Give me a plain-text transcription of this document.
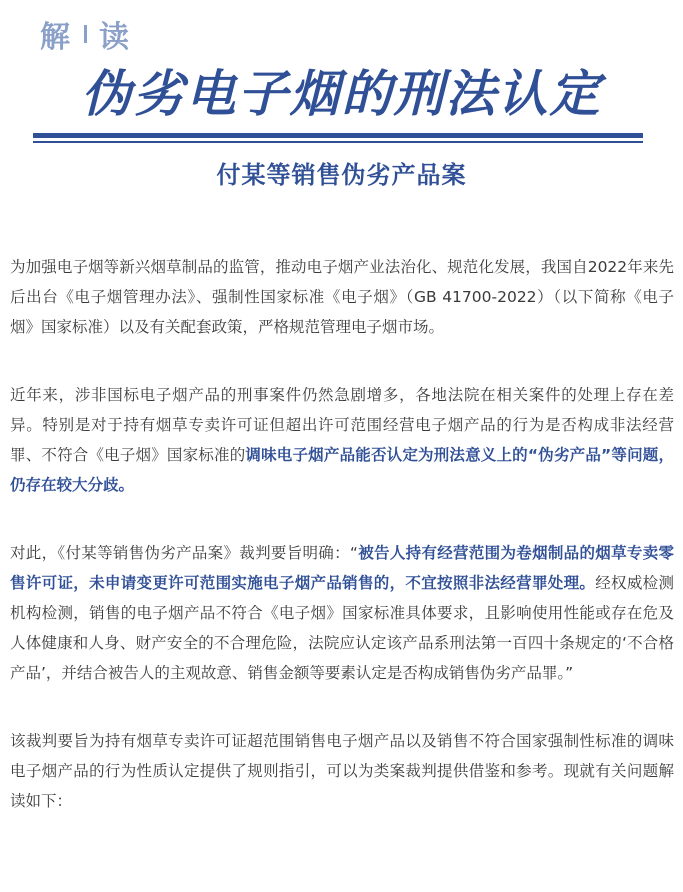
解 读
伪劣电子烟的刑法认定
付某等销售伪劣产品案

为加强电子烟等新兴烟草制品的监管，推动电子烟产业法治化、规范化发展，我国自2022年来先后出台《电子烟管理办法》、强制性国家标准《电子烟》（GB 41700-2022）（以下简称《电子烟》国家标准）以及有关配套政策，严格规范管理电子烟市场。

近年来，涉非国标电子烟产品的刑事案件仍然急剧增多，各地法院在相关案件的处理上存在差异。特别是对于持有烟草专卖许可证但超出许可范围经营电子烟产品的行为是否构成非法经营罪、不符合《电子烟》国家标准的调味电子烟产品能否认定为刑法意义上的“伪劣产品”等问题，仍存在较大分歧。

对此，《付某等销售伪劣产品案》裁判要旨明确：“被告人持有经营范围为卷烟制品的烟草专卖零售许可证，未申请变更许可范围实施电子烟产品销售的，不宜按照非法经营罪处理。经权威检测机构检测，销售的电子烟产品不符合《电子烟》国家标准具体要求，且影响使用性能或存在危及人体健康和人身、财产安全的不合理危险，法院应认定该产品系刑法第一百四十条规定的‘不合格产品’，并结合被告人的主观故意、销售金额等要素认定是否构成销售伪劣产品罪。”

该裁判要旨为持有烟草专卖许可证超范围销售电子烟产品以及销售不符合国家强制性标准的调味电子烟产品的行为性质认定提供了规则指引，可以为类案裁判提供借鉴和参考。现就有关问题解读如下：
